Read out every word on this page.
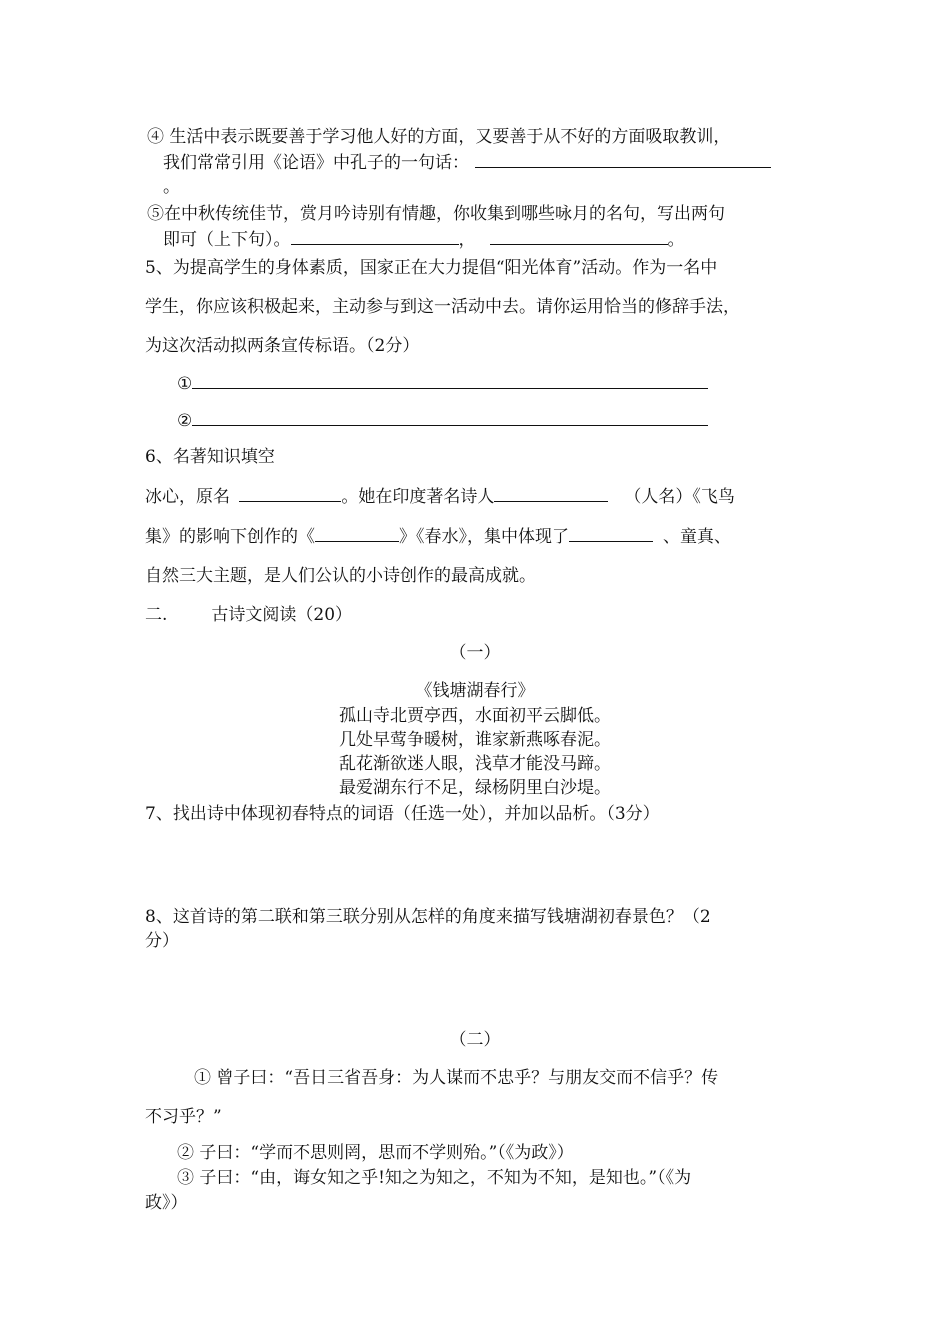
④ 生活中表示既要善于学习他人好的方面，又要善于从不好的方面吸取教训，
我们常常引用《论语》中孔子的一句话：
。
⑤在中秋传统佳节，赏月吟诗别有情趣，你收集到哪些咏月的名句，写出两句
即可（上下句）。	，	。
5、为提高学生的身体素质，国家正在大力提倡“阳光体育”活动。作为一名中
学生，你应该积极起来，主动参与到这一活动中去。请你运用恰当的修辞手法，
为这次活动拟两条宣传标语。（2分）
①
②
6、名著知识填空
冰心，原名	。她在印度著名诗人	（人名）《飞鸟
集》的影响下创作的《	》《春水》，集中体现了	、童真、
自然三大主题，是人们公认的小诗创作的最高成就。
二.	古诗文阅读（20）
（一）
《钱塘湖春行》
孤山寺北贾亭西，水面初平云脚低。
几处早莺争暖树，谁家新燕啄春泥。
乱花渐欲迷人眼，浅草才能没马蹄。
最爱湖东行不足，绿杨阴里白沙堤。
7、找出诗中体现初春特点的词语（任选一处），并加以品析。（3分）
8、这首诗的第二联和第三联分别从怎样的角度来描写钱塘湖初春景色？（2
分）
（二）
① 曾子曰：“吾日三省吾身：为人谋而不忠乎？与朋友交而不信乎？传
不习乎？”
② 子曰：“学而不思则罔，思而不学则殆。”（《为政》）
③ 子曰：“由，诲女知之乎!知之为知之，不知为不知，是知也。”（《为
政》）
